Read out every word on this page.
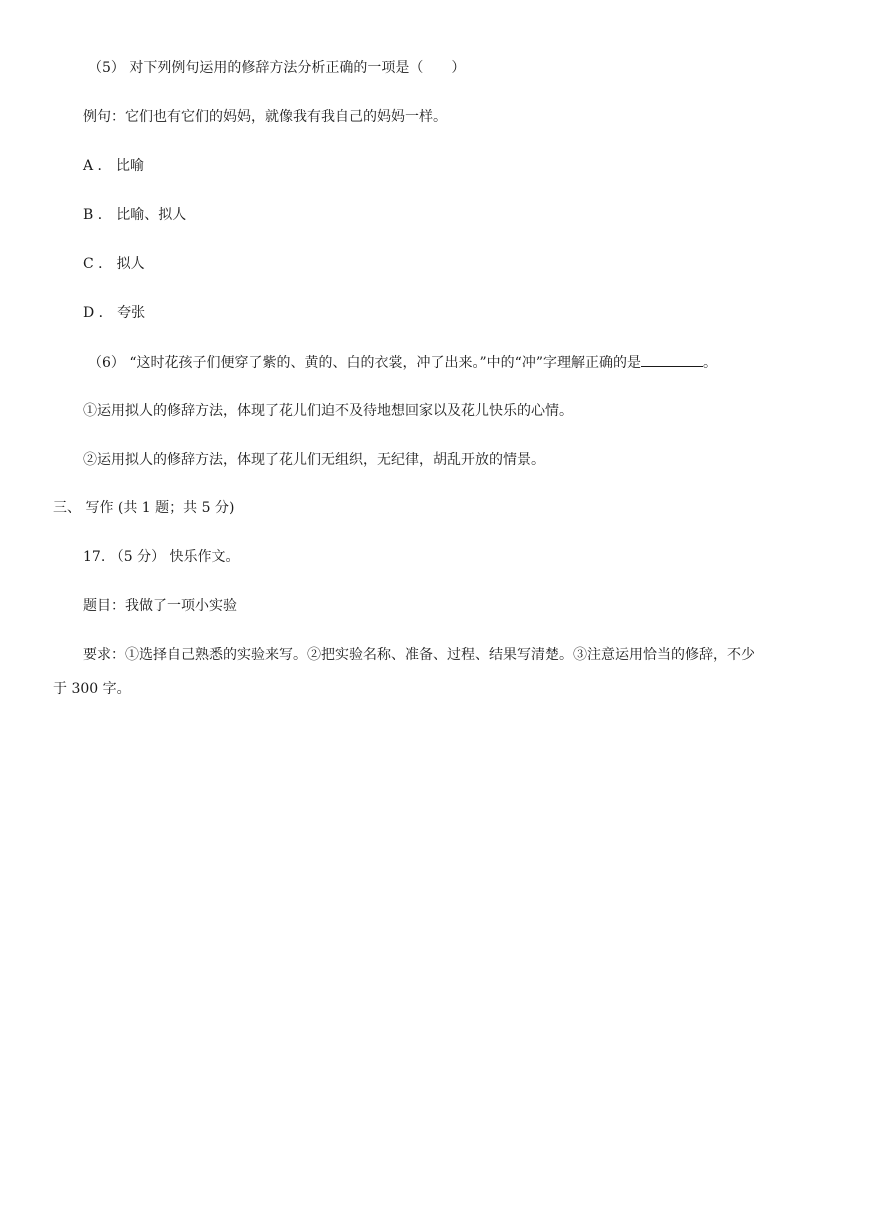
（5） 对下列例句运用的修辞方法分析正确的一项是（　　）
例句：它们也有它们的妈妈，就像我有我自己的妈妈一样。
A ． 比喻
B ． 比喻、拟人
C ． 拟人
D ． 夸张
（6） “这时花孩子们便穿了紫的、黄的、白的衣裳，冲了出来。”中的“冲”字理解正确的是	。
①运用拟人的修辞方法，体现了花儿们迫不及待地想回家以及花儿快乐的心情。
②运用拟人的修辞方法，体现了花儿们无组织，无纪律，胡乱开放的情景。
三、 写作 (共 1 题；共 5 分)
17. （5 分） 快乐作文。
题目：我做了一项小实验
要求：①选择自己熟悉的实验来写。②把实验名称、准备、过程、结果写清楚。③注意运用恰当的修辞，不少
于 300 字。
